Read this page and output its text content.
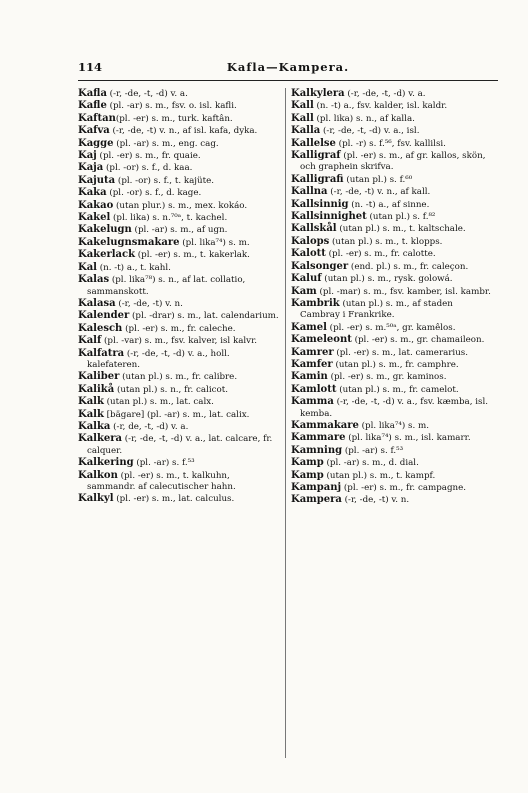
114	Kafla—Kampera.

Kafla (-r, -de, -t, -d) v. a.

Kafle (pl. -ar) s. m., fsv. o. isl. kafli.

Kaftan(pl. -er) s. m., turk. kaftân.

Kafva (-r, -de, -t) v. n., af isl. kafa, dyka.

Kagge (pl. -ar) s. m., eng. cag.

Kaj (pl. -er) s. m., fr. quaie.

Kaja (pl. -or) s. f., d. kaa.

Kajuta (pl. -or) s. f., t. kajüte.

Kaka (pl. -or) s. f., d. kage.

Kakao (utan plur.) s. m., mex. kokáo.

Kakel (pl. lika) s. n.⁷⁰ᵃ, t. kachel.

Kakelugn (pl. -ar) s. m., af ugn.

Kakelugnsmakare (pl. lika⁷⁴) s. m.

Kakerlack (pl. -er) s. m., t. kakerlak.

Kal (n. -t) a., t. kahl.

Kalas (pl. lika⁷⁸) s. n., af lat. collatio, sammanskott.

Kalasa (-r, -de, -t) v. n.

Kalender (pl. -drar) s. m., lat. calendarium.

Kalesch (pl. -er) s. m., fr. caleche.

Kalf (pl. -var) s. m., fsv. kalver, isl kalvr.

Kalfatra (-r, -de, -t, -d) v. a., holl. kalefateren.

Kaliber (utan pl.) s. m., fr. calibre.

Kalikå (utan pl.) s. n., fr. calicot.

Kalk (utan pl.) s. m., lat. calx.

Kalk [bägare] (pl. -ar) s. m., lat. calix.

Kalka (-r, de, -t, -d) v. a.

Kalkera (-r, -de, -t, -d) v. a., lat. calcare, fr. calquer.

Kalkering (pl. -ar) s. f.⁵³

Kalkon (pl. -er) s. m., t. kalkuhn, sammandr. af calecutischer hahn.

Kalkyl (pl. -er) s. m., lat. calculus.

Kalkylera (-r, -de, -t, -d) v. a.

Kall (n. -t) a., fsv. kalder, isl. kaldr.

Kall (pl. lika) s. n., af kalla.

Kalla (-r, -de, -t, -d) v. a., isl.

Kallelse (pl. -r) s. f.⁵⁶, fsv. kallilsi.

Kalligraf (pl. -er) s. m., af gr. kallos, skön, och graphein skrifva.

Kalligrafi (utan pl.) s. f.⁶⁰

Kallna (-r, -de, -t) v. n., af kall.

Kallsinnig (n. -t) a., af sinne.

Kallsinnighet (utan pl.) s. f.⁸²

Kallskål (utan pl.) s. m., t. kaltschale.

Kalops (utan pl.) s. m., t. klopps.

Kalott (pl. -er) s. m., fr. calotte.

Kalsonger (end. pl.) s. m., fr. caleçon.

Kaluf (utan pl.) s. m., rysk. golowá.

Kam (pl. -mar) s. m., fsv. kamber, isl. kambr.

Kambrik (utan pl.) s. m., af staden Cambray i Frankrike.

Kamel (pl. -er) s. m.⁵⁰ᵃ, gr. kamêlos.

Kameleont (pl. -er) s. m., gr. chamaileon.

Kamrer (pl. -er) s. m., lat. camerarius.

Kamfer (utan pl.) s. m., fr. camphre.

Kamin (pl. -er) s. m., gr. kaminos.

Kamlott (utan pl.) s. m., fr. camelot.

Kamma (-r, -de, -t, -d) v. a., fsv. kæmba, isl. kemba.

Kammakare (pl. lika⁷⁴) s. m.

Kammare (pl. lika⁷⁴) s. m., isl. kamarr.

Kamning (pl. -ar) s. f.⁵³

Kamp (pl. -ar) s. m., d. dial.

Kamp (utan pl.) s. m., t. kampf.

Kampanj (pl. -er) s. m., fr. campagne.

Kampera (-r, -de, -t) v. n.
